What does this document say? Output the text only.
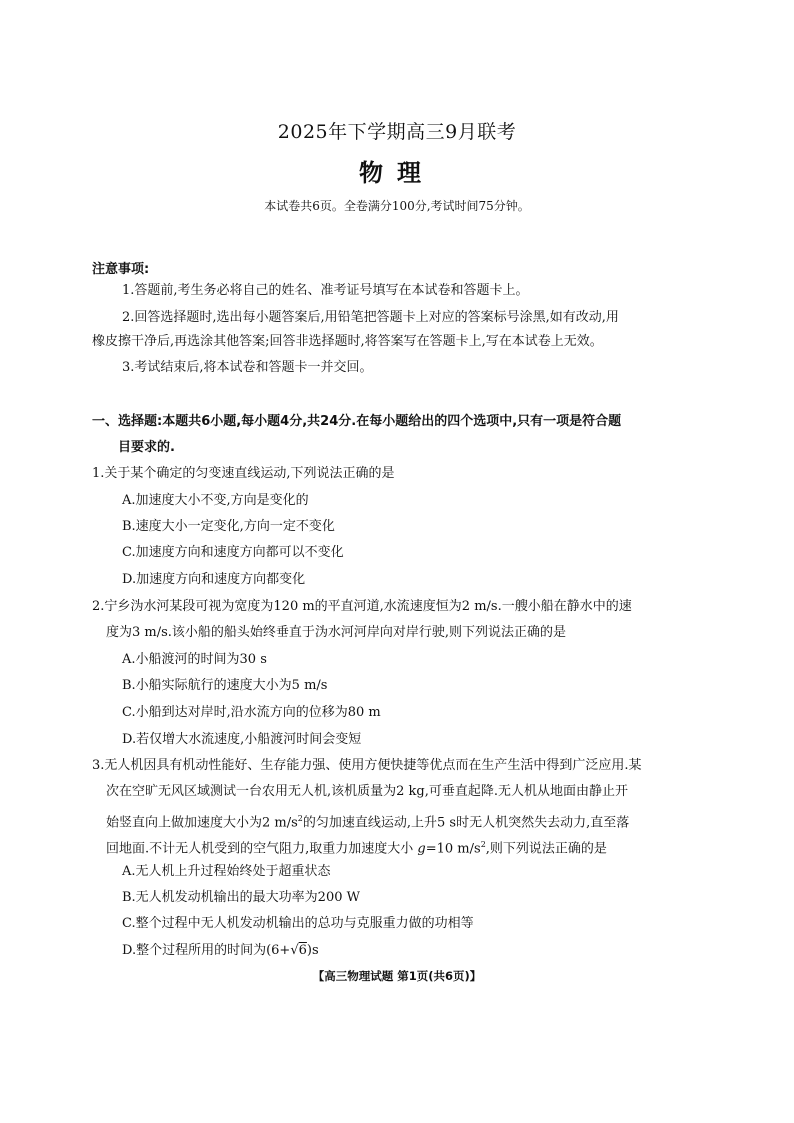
2025年下学期高三9月联考
物理
本试卷共6页。全卷满分100分,考试时间75分钟。
注意事项:
1.答题前,考生务必将自己的姓名、准考证号填写在本试卷和答题卡上。
2.回答选择题时,选出每小题答案后,用铅笔把答题卡上对应的答案标号涂黑,如有改动,用
橡皮擦干净后,再选涂其他答案;回答非选择题时,将答案写在答题卡上,写在本试卷上无效。
3.考试结束后,将本试卷和答题卡一并交回。
一、选择题:本题共6小题,每小题4分,共24分.在每小题给出的四个选项中,只有一项是符合题
目要求的.
1.关于某个确定的匀变速直线运动,下列说法正确的是
A.加速度大小不变,方向是变化的
B.速度大小一定变化,方向一定不变化
C.加速度方向和速度方向都可以不变化
D.加速度方向和速度方向都变化
2.宁乡沩水河某段可视为宽度为120 m的平直河道,水流速度恒为2 m/s.一艘小船在静水中的速
度为3 m/s.该小船的船头始终垂直于沩水河河岸向对岸行驶,则下列说法正确的是
A.小船渡河的时间为30 s
B.小船实际航行的速度大小为5 m/s
C.小船到达对岸时,沿水流方向的位移为80 m
D.若仅增大水流速度,小船渡河时间会变短
3.无人机因具有机动性能好、生存能力强、使用方便快捷等优点而在生产生活中得到广泛应用.某
次在空旷无风区域测试一台农用无人机,该机质量为2 kg,可垂直起降.无人机从地面由静止开
始竖直向上做加速度大小为2 $m/s^2$的匀加速直线运动,上升5 s时无人机突然失去动力,直至落
回地面.不计无人机受到的空气阻力,取重力加速度大小 g=10 $m/s^2$,则下列说法正确的是
A.无人机上升过程始终处于超重状态
B.无人机发动机输出的最大功率为200 W
C.整个过程中无人机发动机输出的总功与克服重力做的功相等
D.整个过程所用的时间为(6+√6)s
【高三物理试题 第1页(共6页)】
